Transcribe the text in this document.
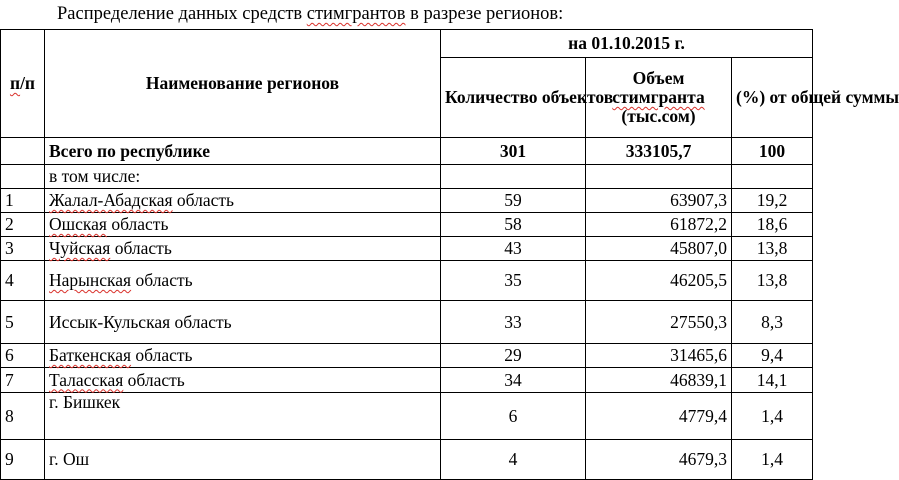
Распределение данных средств стимгрантов в разрезе регионов:
п/п	Наименование регионов	на 01.10.2015 г.		
		Количество объектов	Объем
стимгранта
(тыс.сом)	(%) от общей суммы
	Всего по республике	301	333105,7	100
	в том числе:			
1	Жалал-Абадская область	59	63907,3	19,2
2	Ошская область	58	61872,2	18,6
3	Чуйская область	43	45807,0	13,8
4	Нарынская область	35	46205,5	13,8
5	Иссык-Кульская область	33	27550,3	8,3
6	Баткенская область	29	31465,6	9,4
7	Таласская область	34	46839,1	14,1
8	г. Бишкек	6	4779,4	1,4
9	г. Ош	4	4679,3	1,4
